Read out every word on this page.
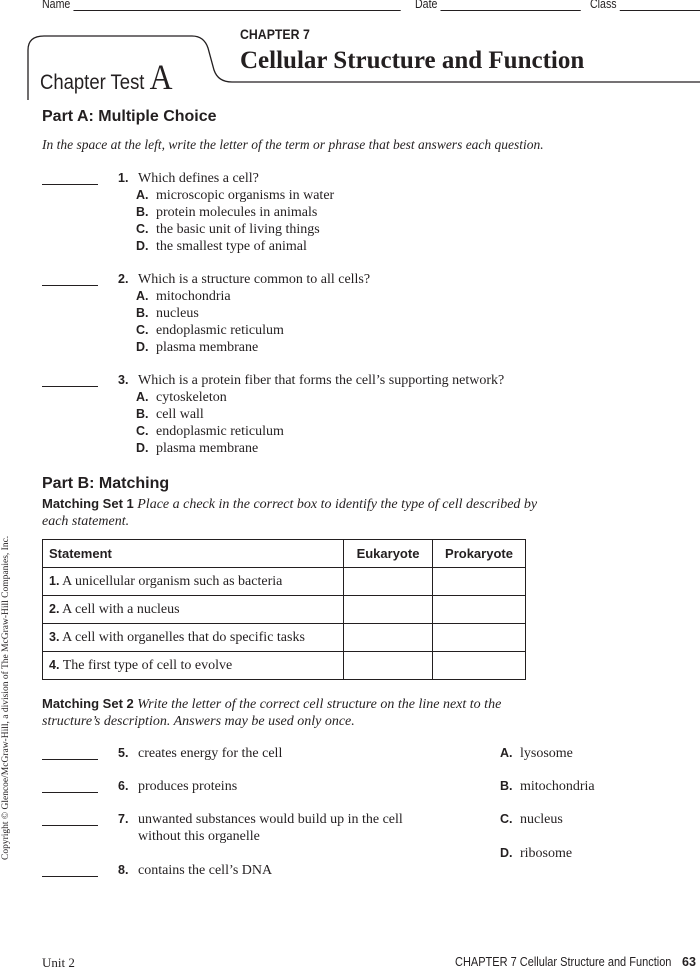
Name	Date	Class
Chapter Test A
CHAPTER 7
Cellular Structure and Function
Part A: Multiple Choice
In the space at the left, write the letter of the term or phrase that best answers each question.
1. Which defines a cell?
A. microscopic organisms in water
B. protein molecules in animals
C. the basic unit of living things
D. the smallest type of animal
2. Which is a structure common to all cells?
A. mitochondria
B. nucleus
C. endoplasmic reticulum
D. plasma membrane
3. Which is a protein fiber that forms the cell’s supporting network?
A. cytoskeleton
B. cell wall
C. endoplasmic reticulum
D. plasma membrane
Part B: Matching
Matching Set 1 Place a check in the correct box to identify the type of cell described by
each statement.
Statement	Eukaryote	Prokaryote
1. A unicellular organism such as bacteria		
2. A cell with a nucleus		
3. A cell with organelles that do specific tasks		
4. The first type of cell to evolve		
Matching Set 2 Write the letter of the correct cell structure on the line next to the
structure’s description. Answers may be used only once.
5. creates energy for the cell
6. produces proteins
7. unwanted substances would build up in the cell
without this organelle
8. contains the cell’s DNA
A. lysosome
B. mitochondria
C. nucleus
D. ribosome
Copyright © Glencoe/McGraw-Hill, a division of The McGraw-Hill Companies, Inc.
Unit 2	CHAPTER 7 Cellular Structure and Function 63
